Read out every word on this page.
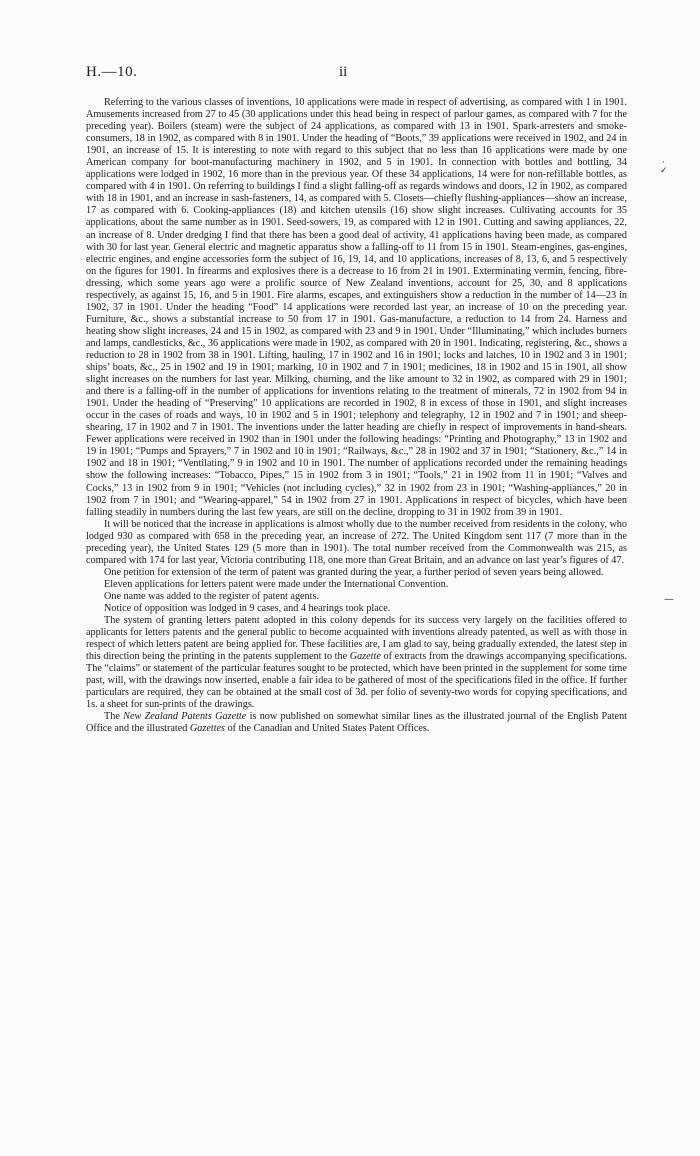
H.—10.	ii
·
✓
—

Referring to the various classes of inventions, 10 applications were made in respect of advertising, as compared with 1 in 1901. Amusements increased from 27 to 45 (30 applications under this head being in respect of parlour games, as compared with 7 for the preceding year). Boilers (steam) were the subject of 24 applications, as compared with 13 in 1901. Spark-arresters and smoke-consumers, 18 in 1902, as compared with 8 in 1901. Under the heading of “Boots,” 39 applications were received in 1902, and 24 in 1901, an increase of 15. It is interesting to note with regard to this subject that no less than 16 applications were made by one American company for boot-manufacturing machinery in 1902, and 5 in 1901. In connection with bottles and bottling, 34 applications were lodged in 1902, 16 more than in the previous year. Of these 34 applications, 14 were for non-refillable bottles, as compared with 4 in 1901. On referring to buildings I find a slight falling-off as regards windows and doors, 12 in 1902, as compared with 18 in 1901, and an increase in sash-fasteners, 14, as compared with 5. Closets—chiefly flushing-appliances—show an increase, 17 as compared with 6. Cooking-appliances (18) and kitchen utensils (16) show slight increases. Cultivating accounts for 35 applications, about the same number as in 1901. Seed-sowers, 19, as compared with 12 in 1901. Cutting and sawing appliances, 22, an increase of 8. Under dredging I find that there has been a good deal of activity, 41 applications having been made, as compared with 30 for last year. General electric and magnetic apparatus show a falling-off to 11 from 15 in 1901. Steam-engines, gas-engines, electric engines, and engine accessories form the subject of 16, 19, 14, and 10 applications, increases of 8, 13, 6, and 5 respectively on the figures for 1901. In firearms and explosives there is a decrease to 16 from 21 in 1901. Exterminating vermin, fencing, fibre-dressing, which some years ago were a prolific source of New Zealand inventions, account for 25, 30, and 8 applications respectively, as against 15, 16, and 5 in 1901. Fire alarms, escapes, and extinguishers show a reduction in the number of 14—23 in 1902, 37 in 1901. Under the heading “Food” 14 applications were recorded last year, an increase of 10 on the preceding year. Furniture, &c., shows a substantial increase to 50 from 17 in 1901. Gas-manufacture, a reduction to 14 from 24. Harness and heating show slight increases, 24 and 15 in 1902, as compared with 23 and 9 in 1901. Under “Illuminating,” which includes burners and lamps, candlesticks, &c., 36 applications were made in 1902, as compared with 20 in 1901. Indicating, registering, &c., shows a reduction to 28 in 1902 from 38 in 1901. Lifting, hauling, 17 in 1902 and 16 in 1901; locks and latches, 10 in 1902 and 3 in 1901; ships’ boats, &c., 25 in 1902 and 19 in 1901; marking, 10 in 1902 and 7 in 1901; medicines, 18 in 1902 and 15 in 1901, all show slight increases on the numbers for last year. Milking, churning, and the like amount to 32 in 1902, as compared with 29 in 1901; and there is a falling-off in the number of applications for inventions relating to the treatment of minerals, 72 in 1902 from 94 in 1901. Under the heading of “Preserving” 10 applications are recorded in 1902, 8 in excess of those in 1901, and slight increases occur in the cases of roads and ways, 10 in 1902 and 5 in 1901; telephony and telegraphy, 12 in 1902 and 7 in 1901; and sheep-shearing, 17 in 1902 and 7 in 1901. The inventions under the latter heading are chiefly in respect of improvements in hand-shears. Fewer applications were received in 1902 than in 1901 under the following headings: “Printing and Photography,” 13 in 1902 and 19 in 1901; “Pumps and Sprayers,” 7 in 1902 and 10 in 1901; “Railways, &c.,” 28 in 1902 and 37 in 1901; “Stationery, &c.,” 14 in 1902 and 18 in 1901; “Ventilating,” 9 in 1902 and 10 in 1901. The number of applications recorded under the remaining headings show the following increases: “Tobacco, Pipes,” 15 in 1902 from 3 in 1901; “Tools,” 21 in 1902 from 11 in 1901; “Valves and Cocks,” 13 in 1902 from 9 in 1901; “Vehicles (not including cycles),” 32 in 1902 from 23 in 1901; “Washing-appliances,” 20 in 1902 from 7 in 1901; and “Wearing-apparel,” 54 in 1902 from 27 in 1901. Applications in respect of bicycles, which have been falling steadily in numbers during the last few years, are still on the decline, dropping to 31 in 1902 from 39 in 1901.

It will be noticed that the increase in applications is almost wholly due to the number received from residents in the colony, who lodged 930 as compared with 658 in the preceding year, an increase of 272. The United Kingdom sent 117 (7 more than in the preceding year), the United States 129 (5 more than in 1901). The total number received from the Commonwealth was 215, as compared with 174 for last year, Victoria contributing 118, one more than Great Britain, and an advance on last year’s figures of 47.

One petition for extension of the term of patent was granted during the year, a further period of seven years being allowed.

Eleven applications for letters patent were made under the International Convention.

One name was added to the register of patent agents.

Notice of opposition was lodged in 9 cases, and 4 hearings took place.

The system of granting letters patent adopted in this colony depends for its success very largely on the facilities offered to applicants for letters patents and the general public to become acquainted with inventions already patented, as well as with those in respect of which letters patent are being applied for. These facilities are, I am glad to say, being gradually extended, the latest step in this direction being the printing in the patents supplement to the Gazette of extracts from the drawings accompanying specifications. The “claims” or statement of the particular features sought to be protected, which have been printed in the supplement for some time past, will, with the drawings now inserted, enable a fair idea to be gathered of most of the specifications filed in the office. If further particulars are required, they can be obtained at the small cost of 3d. per folio of seventy-two words for copying specifications, and 1s. a sheet for sun-prints of the drawings.

The New Zealand Patents Gazette is now published on somewhat similar lines as the illustrated journal of the English Patent Office and the illustrated Gazettes of the Canadian and United States Patent Offices.
